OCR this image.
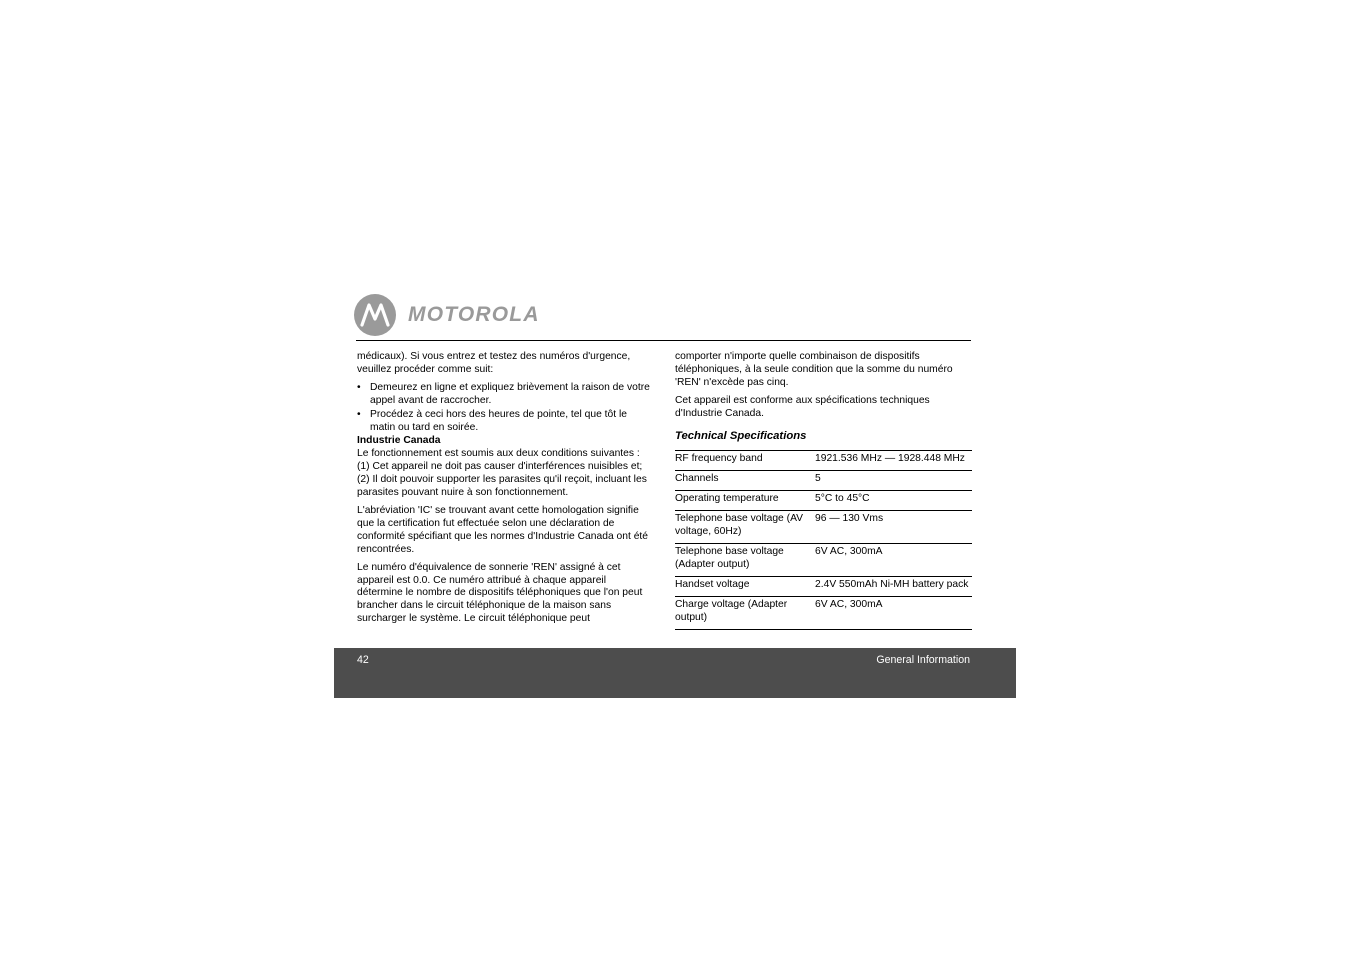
MOTOROLA

médicaux). Si vous entrez et testez des numéros d'urgence, veuillez procéder comme suit:

• Demeurez en ligne et expliquez brièvement la raison de votre appel avant de raccrocher.
• Procédez à ceci hors des heures de pointe, tel que tôt le matin ou tard en soirée.
Industrie Canada

Le fonctionnement est soumis aux deux conditions suivantes : (1) Cet appareil ne doit pas causer d'interférences nuisibles et; (2) Il doit pouvoir supporter les parasites qu'il reçoit, incluant les parasites pouvant nuire à son fonctionnement.

L'abréviation 'IC' se trouvant avant cette homologation signifie que la certification fut effectuée selon une déclaration de conformité spécifiant que les normes d'Industrie Canada ont été rencontrées.

Le numéro d'équivalence de sonnerie 'REN' assigné à cet appareil est 0.0. Ce numéro attribué à chaque appareil détermine le nombre de dispositifs téléphoniques que l'on peut brancher dans le circuit téléphonique de la maison sans surcharger le système. Le circuit téléphonique peut

comporter n'importe quelle combinaison de dispositifs téléphoniques, à la seule condition que la somme du numéro 'REN' n'excède pas cinq.

Cet appareil est conforme aux spécifications techniques d'Industrie Canada.

Technical Specifications
RF frequency band	1921.536 MHz — 1928.448 MHz
Channels	5
Operating temperature	5°C to 45°C
Telephone base voltage (AV voltage, 60Hz)	96 — 130 Vms
Telephone base voltage (Adapter output)	6V AC, 300mA
Handset voltage	2.4V 550mAh Ni-MH battery pack
Charge voltage (Adapter output)	6V AC, 300mA
42	General Information
